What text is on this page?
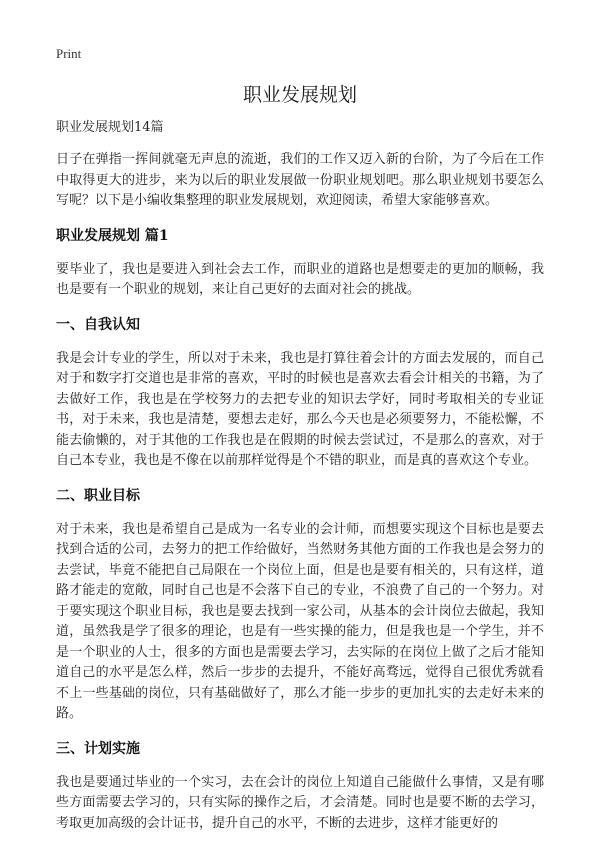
Print
职业发展规划
职业发展规划14篇

日子在弹指一挥间就毫无声息的流逝，我们的工作又迈入新的台阶，为了今后在工作中取得更大的进步，来为以后的职业发展做一份职业规划吧。那么职业规划书要怎么写呢？以下是小编收集整理的职业发展规划，欢迎阅读，希望大家能够喜欢。

职业发展规划 篇1

要毕业了，我也是要进入到社会去工作，而职业的道路也是想要走的更加的顺畅，我也是要有一个职业的规划，来让自己更好的去面对社会的挑战。

一、自我认知

我是会计专业的学生，所以对于未来，我也是打算往着会计的方面去发展的，而自己对于和数字打交道也是非常的喜欢，平时的时候也是喜欢去看会计相关的书籍，为了去做好工作，我也是在学校努力的去把专业的知识去学好，同时考取相关的专业证书，对于未来，我也是清楚，要想去走好，那么今天也是必须要努力，不能松懈，不能去偷懒的，对于其他的工作我也是在假期的时候去尝试过，不是那么的喜欢，对于自己本专业，我也是不像在以前那样觉得是个不错的职业，而是真的喜欢这个专业。

二、职业目标

对于未来，我也是希望自己是成为一名专业的会计师，而想要实现这个目标也是要去找到合适的公司，去努力的把工作给做好，当然财务其他方面的工作我也是会努力的去尝试，毕竟不能把自己局限在一个岗位上面，但是也是要有相关的，只有这样，道路才能走的宽敞，同时自己也是不会落下自己的专业，不浪费了自己的一个努力。对于要实现这个职业目标，我也是要去找到一家公司，从基本的会计岗位去做起，我知道，虽然我是学了很多的理论，也是有一些实操的能力，但是我也是一个学生，并不是一个职业的人士，很多的方面也是需要去学习，去实际的在岗位上做了之后才能知道自己的水平是怎么样，然后一步步的去提升，不能好高骛远，觉得自己很优秀就看不上一些基础的岗位，只有基础做好了，那么才能一步步的更加扎实的去走好未来的路。

三、计划实施

我也是要通过毕业的一个实习，去在会计的岗位上知道自己能做什么事情，又是有哪些方面需要去学习的，只有实际的操作之后，才会清楚。同时也是要不断的去学习，考取更加高级的会计证书，提升自己的水平，不断的去进步，这样才能更好的
